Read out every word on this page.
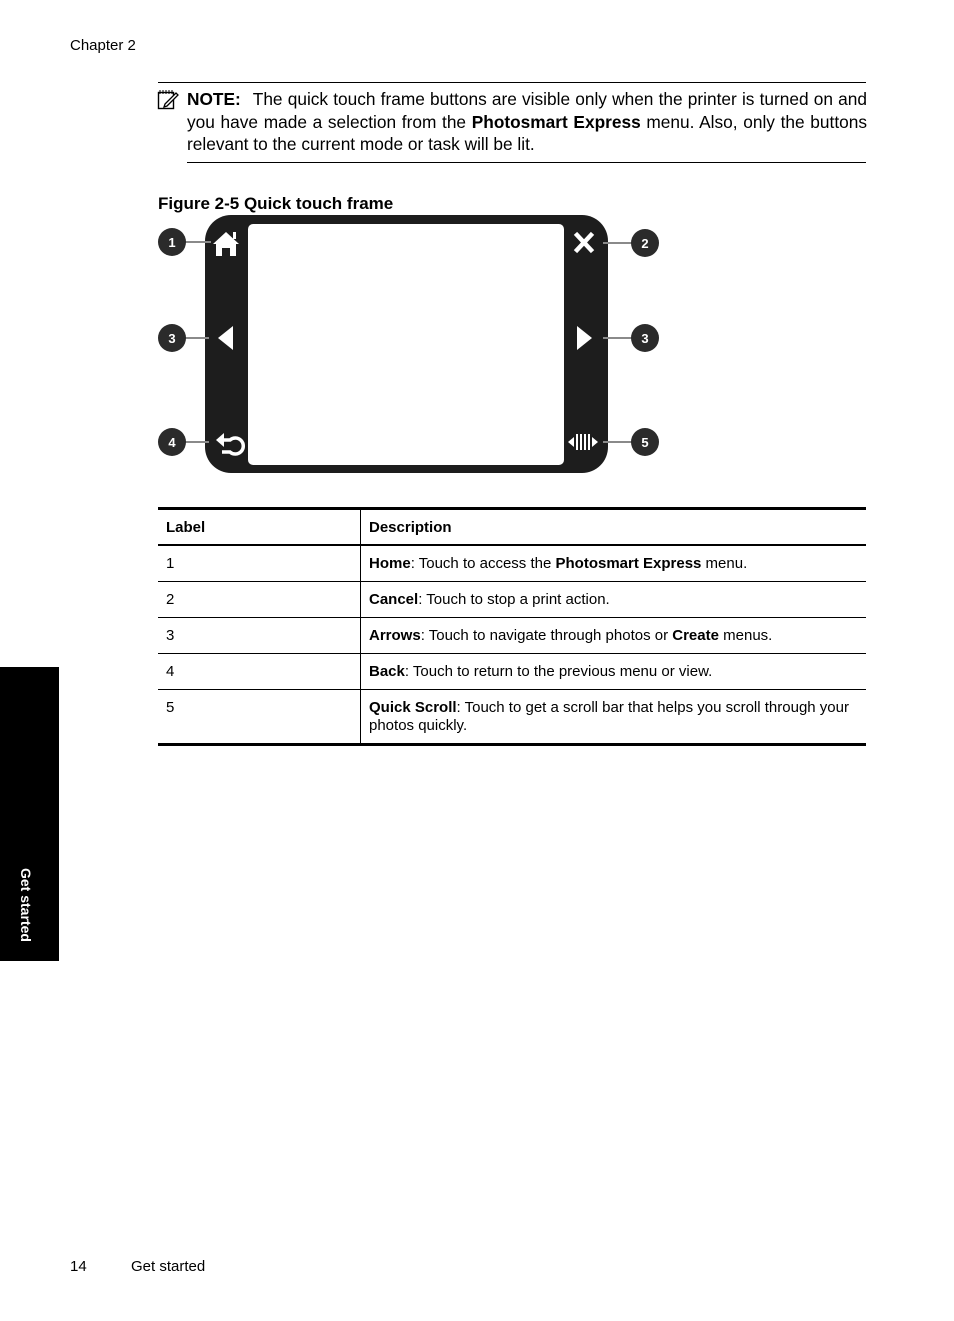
Chapter 2
NOTE: The quick touch frame buttons are visible only when the printer is turned on and you have made a selection from the Photosmart Express menu. Also, only the buttons relevant to the current mode or task will be lit.
Figure 2-5 Quick touch frame
1	2
3	3
4	5
Label	Description
1	Home: Touch to access the Photosmart Express menu.
2	Cancel: Touch to stop a print action.
3	Arrows: Touch to navigate through photos or Create menus.
4	Back: Touch to return to the previous menu or view.
5	Quick Scroll: Touch to get a scroll bar that helps you scroll through your photos quickly.
Get started
14	Get started
